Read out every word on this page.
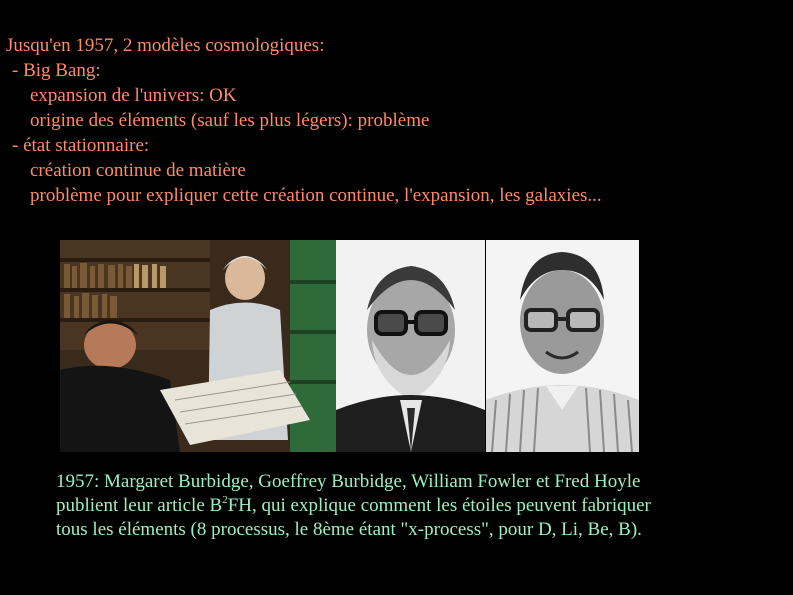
Jusqu'en 1957, 2 modèles cosmologiques:
- Big Bang:
expansion de l'univers: OK
origine des éléments (sauf les plus légers): problème
- état stationnaire:
création continue de matière
problème pour expliquer cette création continue, l'expansion, les galaxies...
1957: Margaret Burbidge, Goeffrey Burbidge, William Fowler et Fred Hoyle publient leur article $B^2FH$, qui explique comment les étoiles peuvent fabriquer tous les éléments (8 processus, le 8ème étant "x-process", pour D, Li, Be, B).
